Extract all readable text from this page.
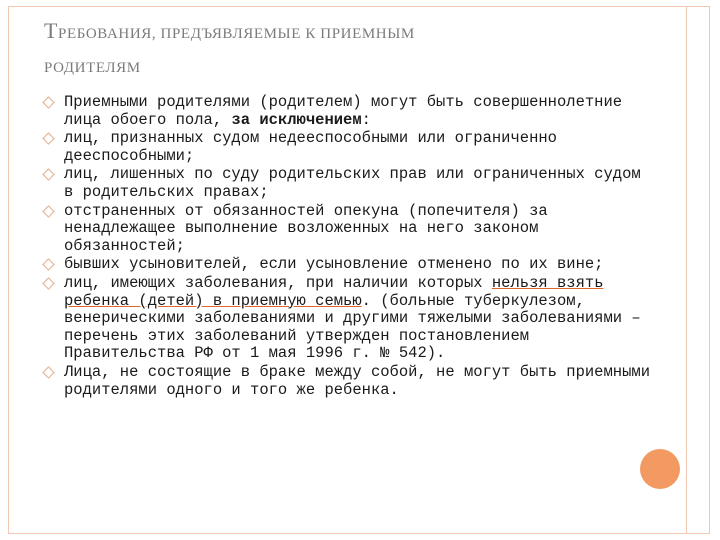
ТРЕБОВАНИЯ, ПРЕДЪЯВЛЯЕМЫЕ К ПРИЕМНЫМ
РОДИТЕЛЯМ
Приемными родителями (родителем) могут быть совершеннолетние лица обоего пола, за исключением:
лиц, признанных судом недееспособными или ограниченно дееспособными;
лиц, лишенных по суду родительских прав или ограниченных судом в родительских правах;
отстраненных от обязанностей опекуна (попечителя) за ненадлежащее выполнение возложенных на него законом обязанностей;
бывших усыновителей, если усыновление отменено по их вине;
лиц, имеющих заболевания, при наличии которых нельзя взять ребенка (детей) в приемную семью. (больные туберкулезом, венерическими заболеваниями и другими тяжелыми заболеваниями – перечень этих заболеваний утвержден постановлением Правительства РФ от 1 мая 1996 г. № 542).
Лица, не состоящие в браке между собой, не могут быть приемными родителями одного и того же ребенка.
